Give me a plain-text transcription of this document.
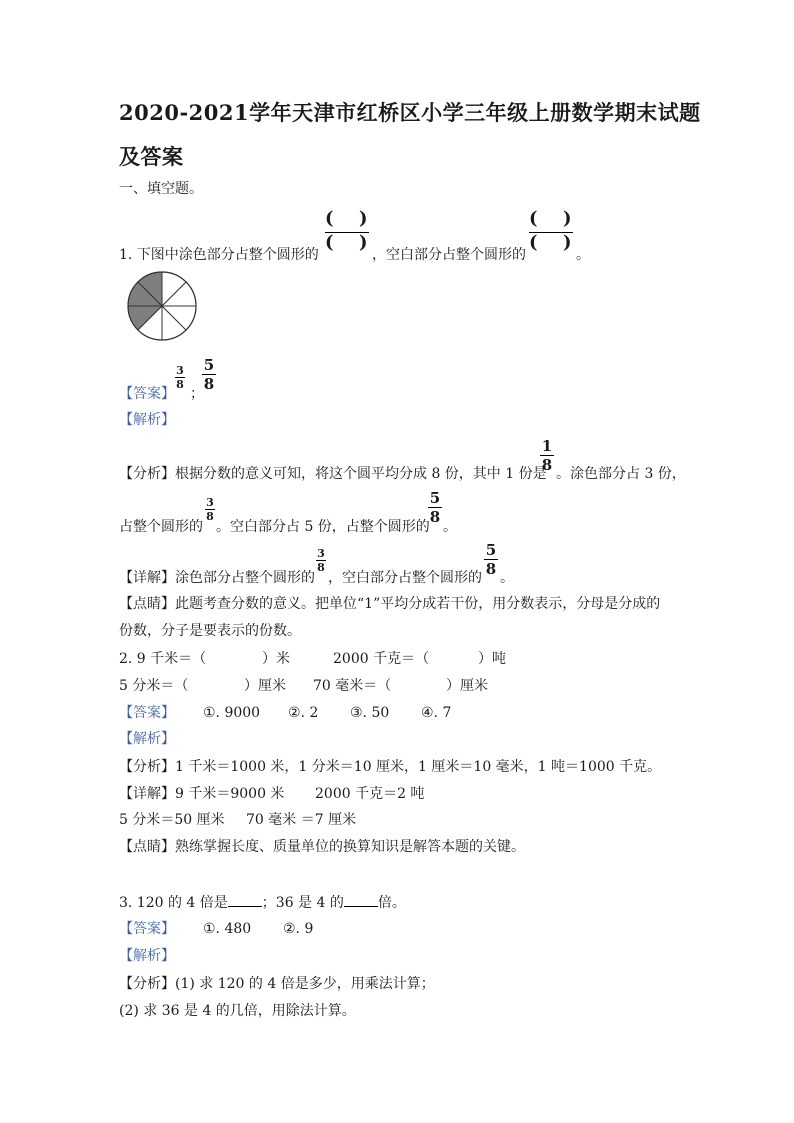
2020-2021学年天津市红桥区小学三年级上册数学期末试题
及答案
一、填空题。
1. 下图中涂色部分占整个圆形的
( )
( )
，空白部分占整个圆形的
( )
( )
。
【答案】
3
8
；
5
8
【解析】
【分析】根据分数的意义可知，将这个圆平均分成 8 份，其中 1 份是
1
8 。涂色部分占 3 份，
占整个圆形的
3
8
。空白部分占 5 份，占整个圆形的
5
8
。
【详解】涂色部分占整个圆形的
3
8
，空白部分占整个圆形的
5
8 。
【点睛】此题考查分数的意义。把单位“1”平均分成若干份，用分数表示，分母是分成的
份数，分子是要表示的份数。
2. 9 千米＝（	）米	2000 千克＝（	）吨
5 分米＝（	）厘米 70 毫米＝（	）厘米
【答案】 ①. 9000 ②. 2 ③. 50 ④. 7
【解析】
【分析】1 千米＝1000 米，1 分米＝10 厘米，1 厘米＝10 毫米，1 吨＝1000 千克。
【详解】9 千米＝9000 米 2000 千克＝2 吨
5 分米＝50 厘米 70 毫米 ＝7 厘米
【点睛】熟练掌握长度、质量单位的换算知识是解答本题的关键。
3. 120 的 4 倍是 ；36 是 4 的 倍。
【答案】 ①. 480 ②. 9
【解析】
【分析】(1) 求 120 的 4 倍是多少，用乘法计算；
(2) 求 36 是 4 的几倍，用除法计算。
